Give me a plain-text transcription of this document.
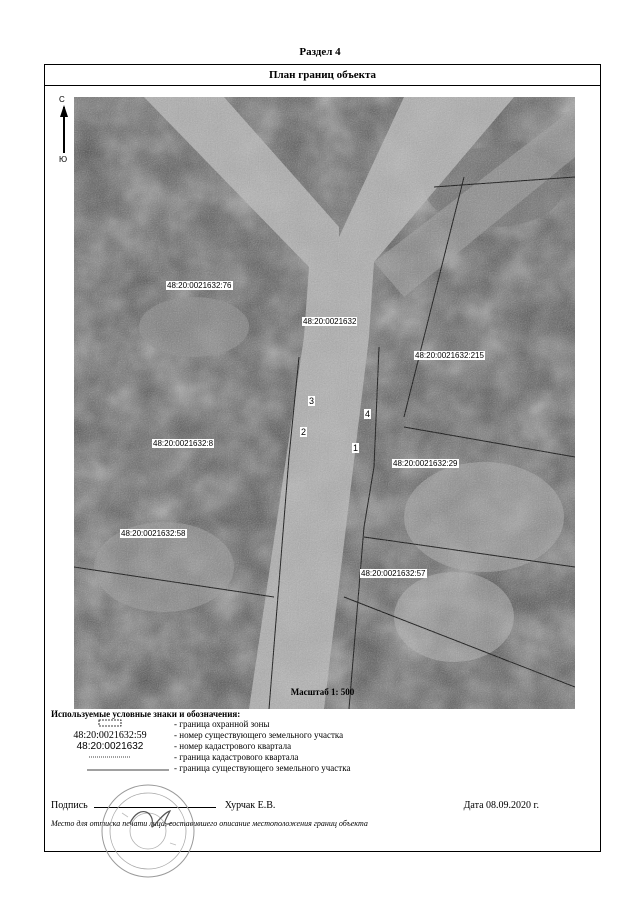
Раздел 4
План границ объекта
С
Ю
48:20:0021632:76
48:20:0021632
48:20:0021632:215
48:20:0021632:8
48:20:0021632:29
48:20:0021632:58
48:20:0021632:57
3
2
4
1
Масштаб 1: 500
Используемые условные знаки и обозначения:
- граница охранной зоны
48:20:0021632:59	- номер существующего земельного участка
48:20:0021632	- номер кадастрового квартала
- граница кадастрового квартала
- граница существующего земельного участка
Подпись	Хурчак Е.В.	Дата 08.09.2020 г.
Место для оттиска печати лица, составившего описание местоположения границ объекта
